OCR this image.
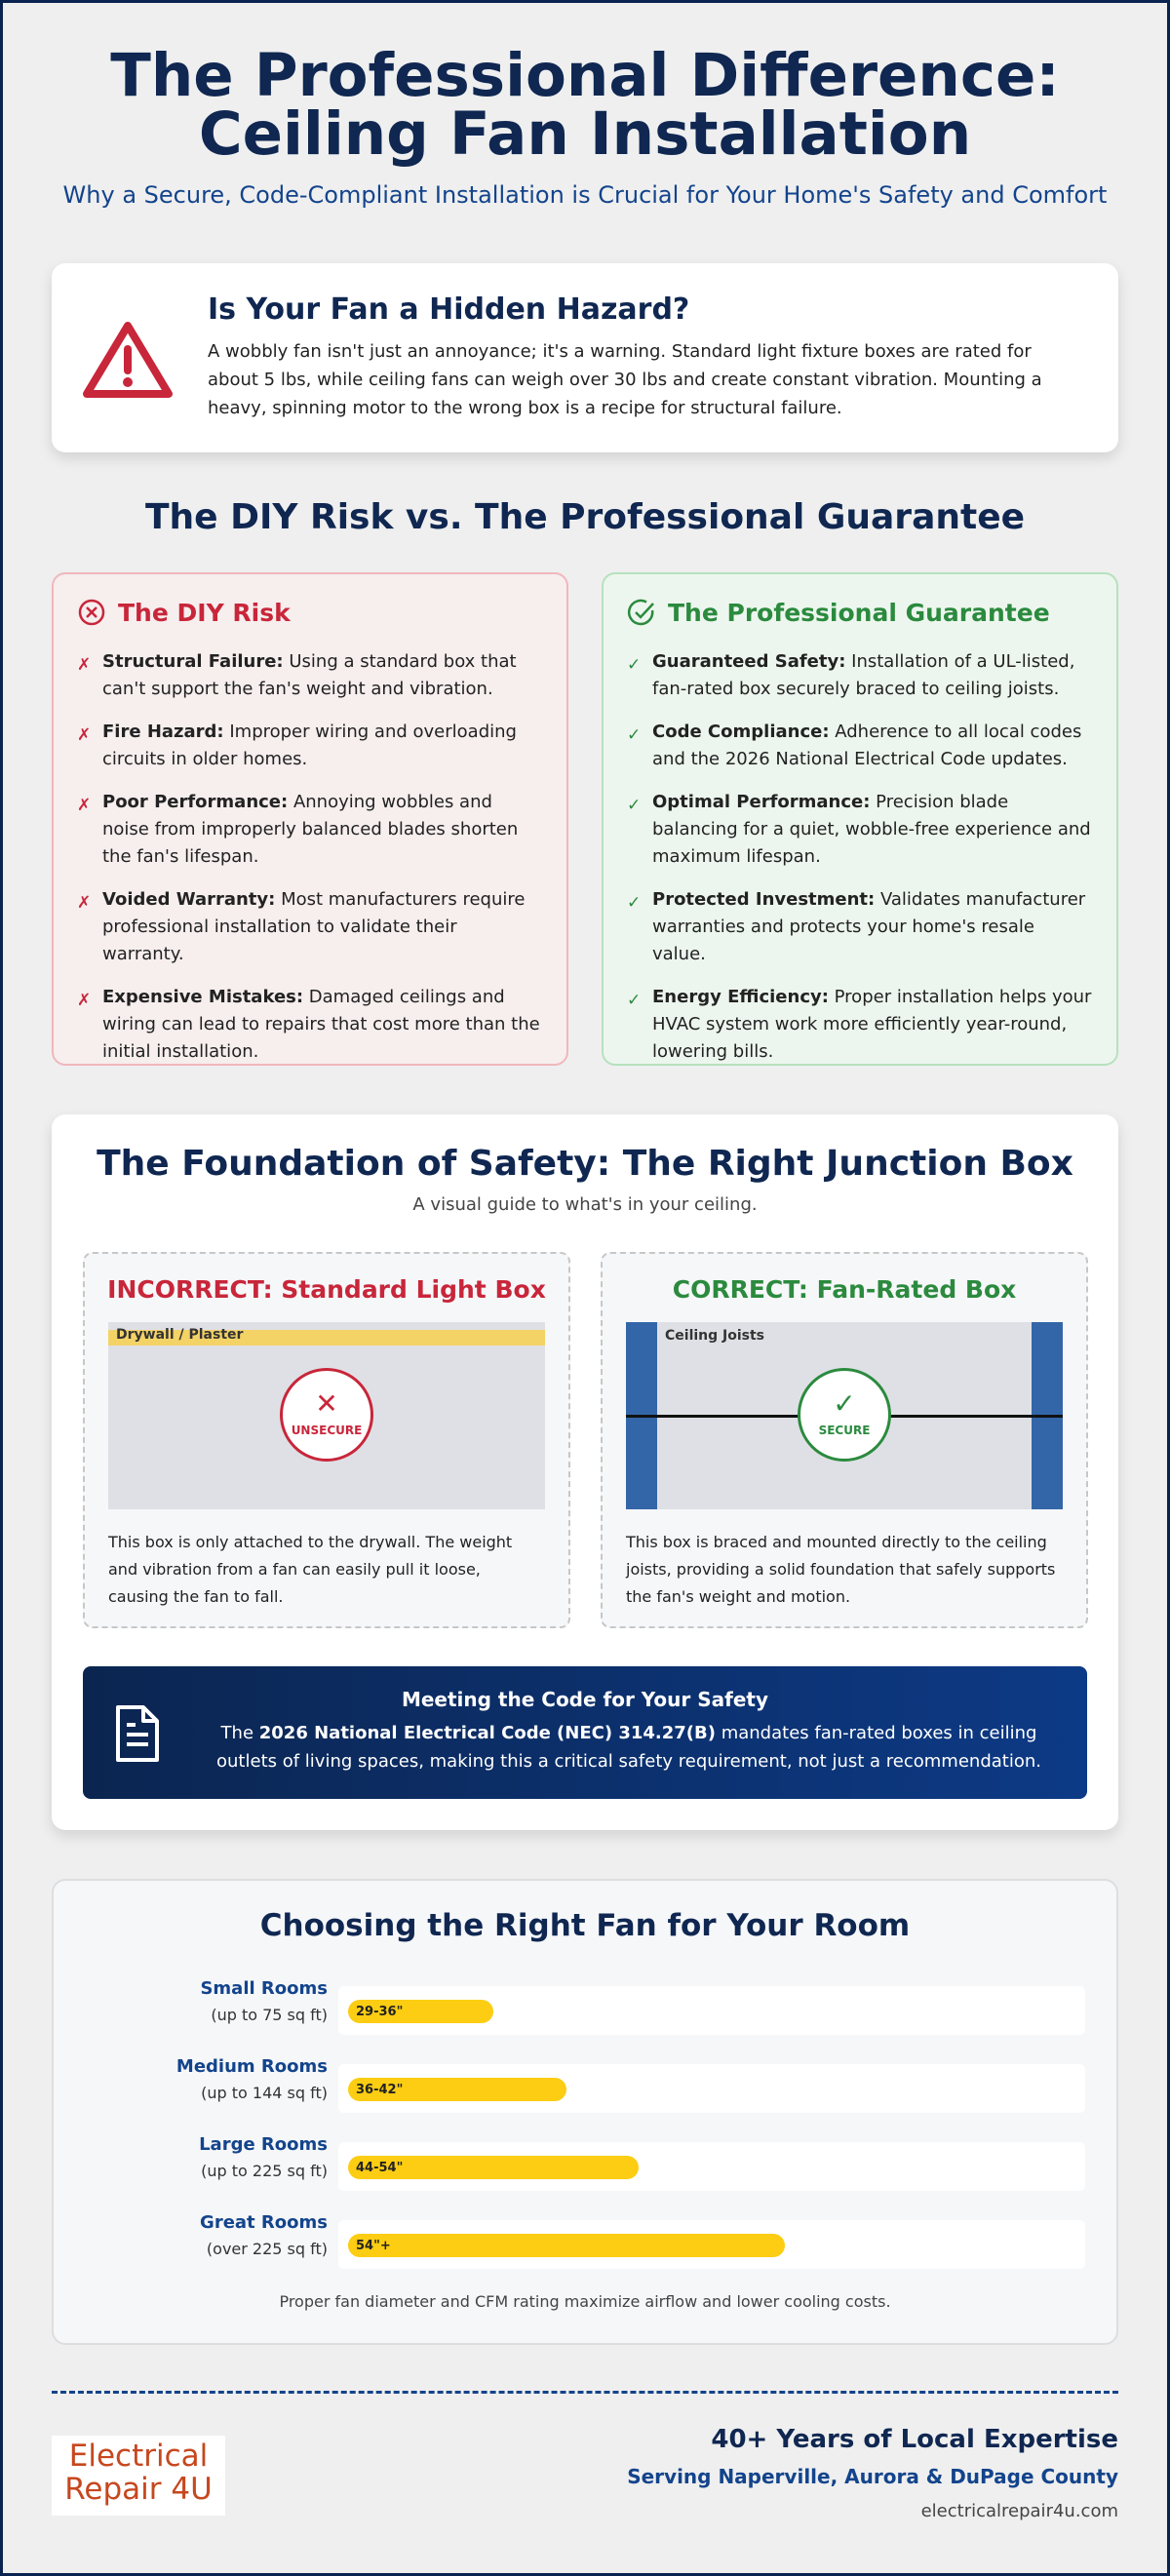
The Professional Difference:
Ceiling Fan Installation
Why a Secure, Code-Compliant Installation is Crucial for Your Home's Safety and Comfort
Is Your Fan a Hidden Hazard?
A wobbly fan isn't just an annoyance; it's a warning. Standard light fixture boxes are rated for about 5 lbs, while ceiling fans can weigh over 30 lbs and create constant vibration. Mounting a heavy, spinning motor to the wrong box is a recipe for structural failure.
The DIY Risk vs. The Professional Guarantee
The DIY Risk
✗ Structural Failure: Using a standard box that can't support the fan's weight and vibration.
✗ Fire Hazard: Improper wiring and overloading circuits in older homes.
✗ Poor Performance: Annoying wobbles and noise from improperly balanced blades shorten the fan's lifespan.
✗ Voided Warranty: Most manufacturers require professional installation to validate their warranty.
✗ Expensive Mistakes: Damaged ceilings and wiring can lead to repairs that cost more than the initial installation.
The Professional Guarantee
✓ Guaranteed Safety: Installation of a UL-listed, fan-rated box securely braced to ceiling joists.
✓ Code Compliance: Adherence to all local codes and the 2026 National Electrical Code updates.
✓ Optimal Performance: Precision blade balancing for a quiet, wobble-free experience and maximum lifespan.
✓ Protected Investment: Validates manufacturer warranties and protects your home's resale value.
✓ Energy Efficiency: Proper installation helps your HVAC system work more efficiently year-round, lowering bills.
The Foundation of Safety: The Right Junction Box
A visual guide to what's in your ceiling.
INCORRECT: Standard Light Box
Drywall / Plaster
✕
UNSECURE
This box is only attached to the drywall. The weight and vibration from a fan can easily pull it loose, causing the fan to fall.
CORRECT: Fan-Rated Box
Ceiling Joists
✓
SECURE
This box is braced and mounted directly to the ceiling joists, providing a solid foundation that safely supports the fan's weight and motion.
Meeting the Code for Your Safety
The 2026 National Electrical Code (NEC) 314.27(B) mandates fan-rated boxes in ceiling outlets of living spaces, making this a critical safety requirement, not just a recommendation.
Choosing the Right Fan for Your Room
Small Rooms
(up to 75 sq ft) 29-36"
Medium Rooms
(up to 144 sq ft) 36-42"
Large Rooms
(up to 225 sq ft) 44-54"
Great Rooms
(over 225 sq ft) 54"+
Proper fan diameter and CFM rating maximize airflow and lower cooling costs.
Electrical
Repair 4U
40+ Years of Local Expertise
Serving Naperville, Aurora & DuPage County
electricalrepair4u.com
